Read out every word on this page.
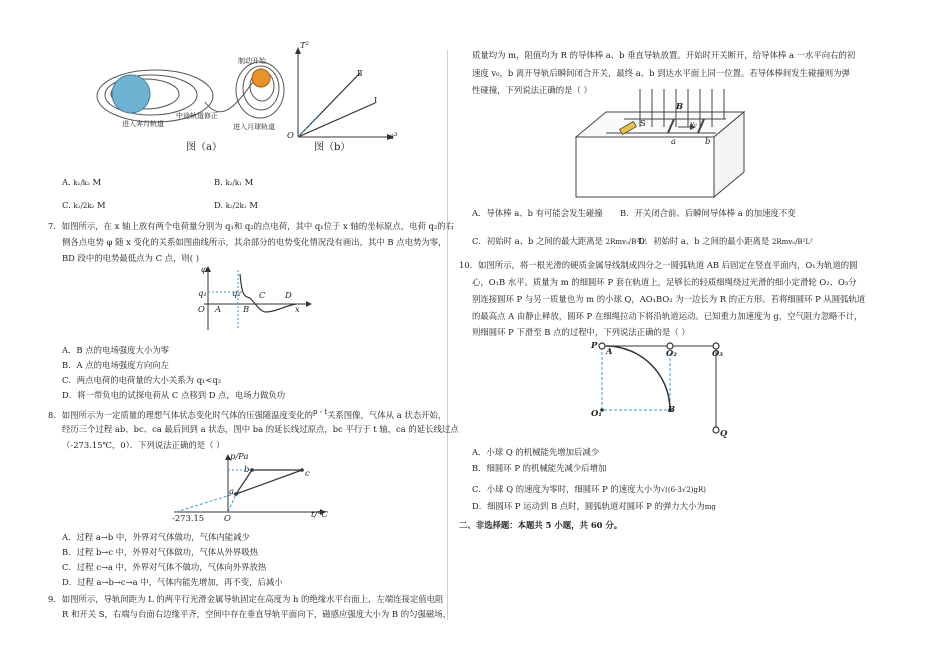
制动开始
进入奔月轨道
中途轨道修正
进入月球轨道
图（a）
T²
a³
O
Ⅱ
Ⅰ
图（b）
A. k₁/k₂ M	B. k₂/k₁ M
C. k₁/2k₂ M	D. k₂/2k₁ M
7．如图所示，在 x 轴上放有两个电荷量分别为 q₁和 q₂的点电荷，其中 q₁位于 x 轴的坐标原点，电荷 q₂的右
侧各点电势 φ 随 x 变化的关系如图曲线所示，其余部分的电势变化情况没有画出，其中 B 点电势为零，
BD 段中的电势最低点为 C 点，则( )
φ
q₁	q₂
O A	B
C D
x
A．B 点的电场强度大小为零
B．A 点的电场强度方向向左
C．两点电荷的电荷量的大小关系为 q₁<q₂
D．将一带负电的试探电荷从 C 点移到 D 点，电场力做负功
8．如图所示为一定质量的理想气体状态变化时气体的压强随温度变化的$^{p - t}$关系图像，气体从 a 状态开始，
经历三个过程 ab、bc、ca 最后回到 a 状态，图中 ba 的延长线过原点，bc 平行于 t 轴，ca 的延长线过点
（-273.15℃，0）．下列说法正确的是（ ）
p/Pa
t/°C
O
-273.15
a
b	c
A．过程 a→b 中，外界对气体做功，气体内能减少
B．过程 b→c 中，外界对气体做功，气体从外界吸热
C．过程 c→a 中，外界对气体不做功，气体向外界放热
D．过程 a→b→c→a 中，气体内能先增加，再不变，后减小
9．如图所示，导轨间距为 L 的两平行光滑金属导轨固定在高度为 h 的绝缘水平台面上，左端连接定值电阻
R 和开关 S，右端与台面右边缘平齐，空间中存在垂直导轨平面向下，磁感应强度大小为 B 的匀强磁场，
质量均为 m，阻值均为 R 的导体棒 a、b 垂直导轨放置。开始时开关断开，给导体棒 a 一水平向右的初
速度 v₀，b 离开导轨后瞬间闭合开关，最终 a、b 到达水平面上同一位置。若导体棒间发生碰撞则为弹
性碰撞，下列说法正确的是（ ）
B
S
a	b
v₀
A．导体棒 a、b 有可能会发生碰撞 B．开关闭合前、后瞬间导体棒 a 的加速度不变
C．初始时 a、b 之间的最大距离是 2Rmv₀/B²L²
D．初始时 a、b 之间的最小距离是 2Rmv₀/B²L²
10．如图所示，将一根光滑的硬质金属导线制成四分之一圆弧轨道 AB 后固定在竖直平面内，O₁为轨道的圆
心，O₁B 水平。质量为 m 的细圆环 P 套在轨道上，足够长的轻质细绳绕过光滑的细小定滑轮 O₂、O₃分
别连接圆环 P 与另一质量也为 m 的小球 Q，AO₁BO₂ 为一边长为 R 的正方形。若将细圆环 P 从圆弧轨道
的最高点 A 由静止释放，圆环 P 在细绳拉动下将沿轨道运动。已知重力加速度为 g，空气阻力忽略不计，
则细圆环 P 下滑至 B 点的过程中，下列说法正确的是（ ）
P
A
O₁
O₂	O₃
B
Q
A．小球 Q 的机械能先增加后减少
B．细圆环 P 的机械能先减少后增加
C．小球 Q 的速度为零时，细圆环 P 的速度大小为√((6-3√2)gR)
D．细圆环 P 运动到 B 点时，圆弧轨道对圆环 P 的弹力大小为mg
二、非选择题：本题共 5 小题，共 60 分。
